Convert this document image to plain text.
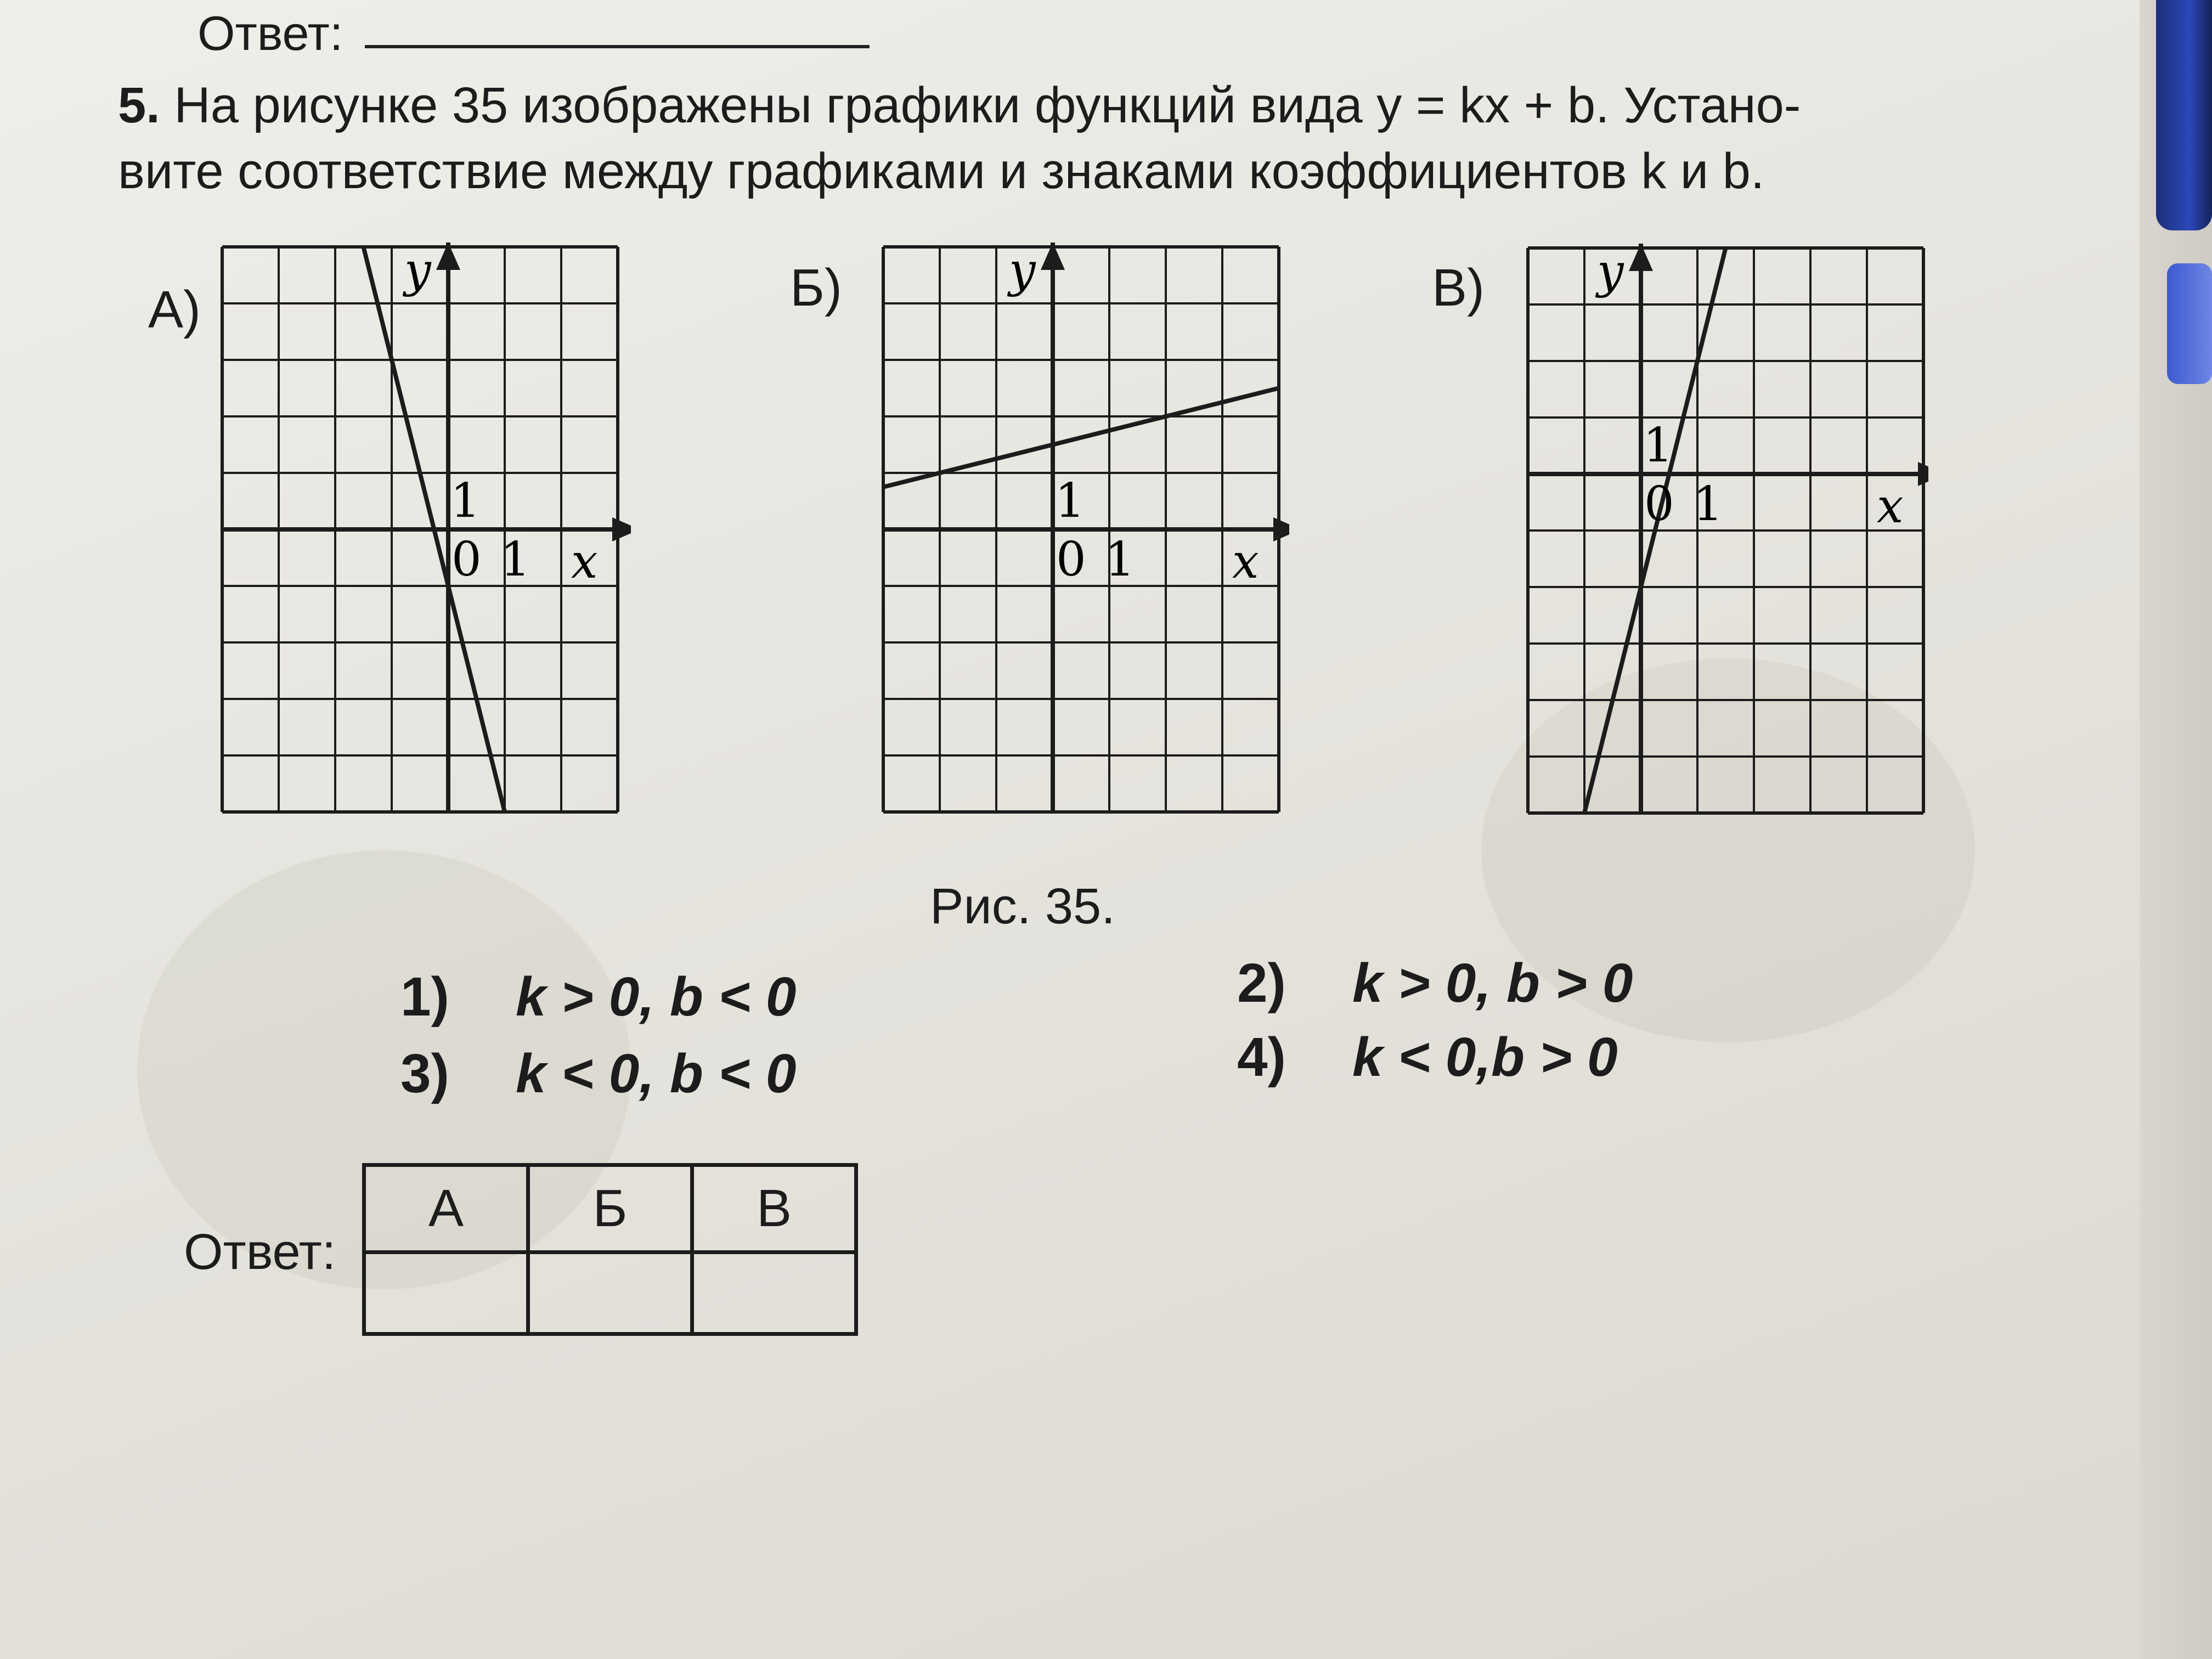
Ответ:
5. На рисунке 35 изображены графики функций вида y = kx + b. Устано-
вите соответствие между графиками и знаками коэффициентов k и b.
А)	Б)	В)
y
x
0 1
1
y
x
0 1
1
y
x
0 1
1
Рис. 35.
1) k > 0, b < 0	2) k > 0, b > 0
3) k < 0, b < 0	4) k < 0,b > 0
Ответ:
А	Б	В
